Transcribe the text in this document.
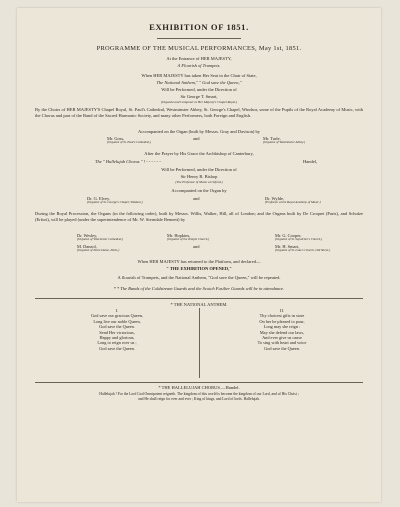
EXHIBITION OF 1851.
PROGRAMME OF THE MUSICAL PERFORMANCES, May 1st, 1851.
At the Entrance of HER MAJESTY,
A Flourish of Trumpets.
When HER MAJESTY has taken Her Seat in the Chair of State,
The National Anthem," " God save the Queen,"
Will be Performed, under the Direction of
Sir George T. Smart,
(Organist and Composer to Her Majesty's Chapel Royal.)
By the Choirs of HER MAJESTY'S Chapel Royal, St. Paul's Cathedral, Westminster Abbey, St. George's Chapel, Windsor, some of the Pupils of the Royal Academy of Music, with the Chorus and part of the Band of the Sacred Harmonic Society, and many other Performers, both Foreign and English.
Accompanied on the Organ (built by Messrs. Gray and Davison) by
Mr. Goss,
(Organist of St. Paul's Cathedral,)
and	Mr. Turle,
(Organist of Westminster Abbey.)
After the Prayer by His Grace the Archbishop of Canterbury,
The " Hallelujah Chorus " ! - - - - - -	Handel,
Will be Performed, under the Direction of
Sir Henry R. Bishop
(The Professor of Music at Oxford.)
Accompanied on the Organ by
Dr. G. Elvey,
(Organist of St. George's Chapel, Windsor,)
and	Dr. Wylde,
(Professor at the Royal Academy of Music.)
During the Royal Procession, the Organs (in the following order), built by Messrs. Willis, Walker, Hill, all of London; and the Organs built by De Croquet (Paris), and Schulze (Erfurt), will be played (under the superintendence of Mr. W. Sterndale Bennett) by
Dr. Wesley,
(Organist of Winchester Cathedral,)
Mr. Hopkins,
(Organist of the Temple Church,)
Mr. G. Cooper,
(Organist of St. Sepulchre's Church,)
M. Danzol,
(Organist of Notre Dame, Paris,)
and	Mr. H. Smart,
(Organist of St. Luke's Church, Old Street.)
When HER MAJESTY has returned to the Platform, and declared—
" THE EXHIBITION OPENED,"
A flourish of Trumpets, and the National Anthem, "God save the Queen," will be repeated.
* * The Bands of the Coldstream Guards and the Scotch Fusilier Guards will be in attendance.
* THE NATIONAL ANTHEM.
I.
God save our gracious Queen,
Long live our noble Queen,
God save the Queen.
Send Her victorious,
Happy and glorious,
Long to reign over us ;
God save the Queen.
II.
Thy choicest gifts in store
On her be pleased to pour,
Long may she reign :
May she defend our laws,
And ever give us cause
To sing with heart and voice
God save the Queen.
* THE HALLELUJAH CHORUS.—Handel.
Hallelujah ! For the Lord God Omnipotent reigneth. The kingdom of this world is become the kingdom of our Lord, and of His Christ ;
and He shall reign for ever and ever ; King of kings, and Lord of lords. Hallelujah.
